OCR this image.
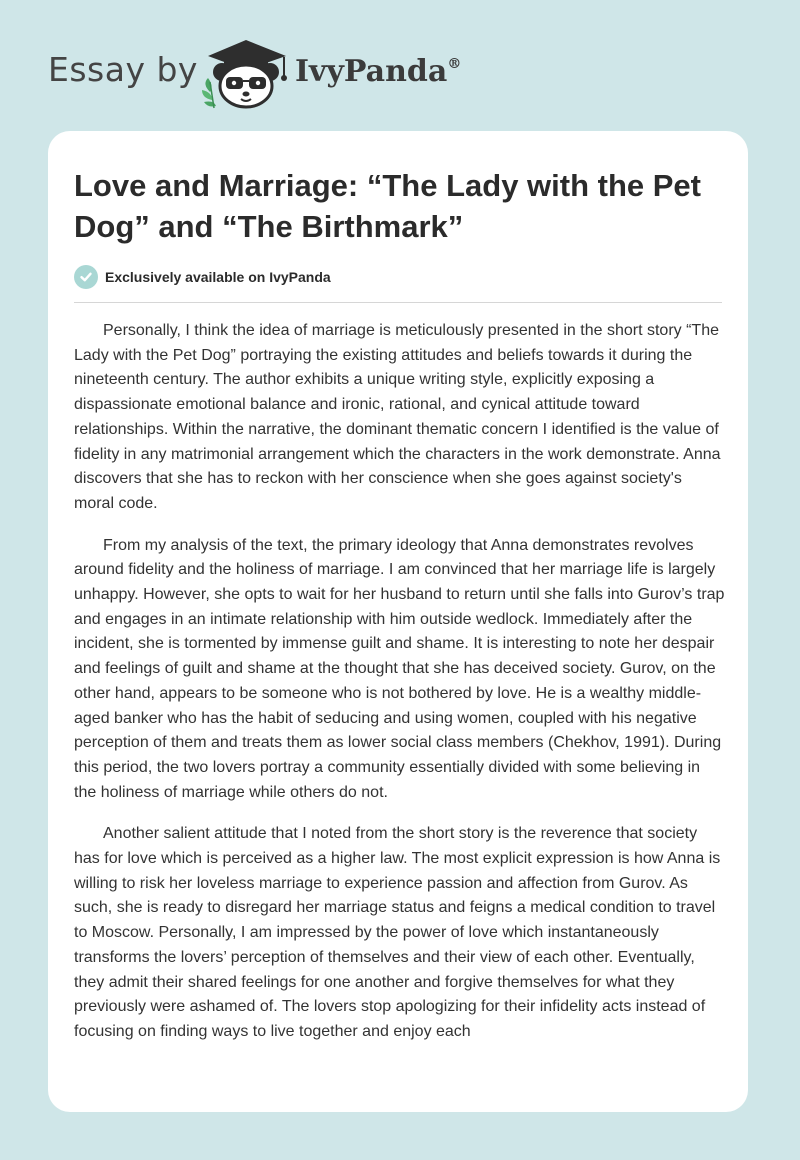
Essay by	IvyPanda®
Love and Marriage: “The Lady with the Pet Dog” and “The Birthmark”
Exclusively available on IvyPanda

Personally, I think the idea of marriage is meticulously presented in the short story “The Lady with the Pet Dog” portraying the existing attitudes and beliefs towards it during the nineteenth century. The author exhibits a unique writing style, explicitly exposing a dispassionate emotional balance and ironic, rational, and cynical attitude toward relationships. Within the narrative, the dominant thematic concern I identified is the value of fidelity in any matrimonial arrangement which the characters in the work demonstrate. Anna discovers that she has to reckon with her conscience when she goes against society's moral code.

From my analysis of the text, the primary ideology that Anna demonstrates revolves around fidelity and the holiness of marriage. I am convinced that her marriage life is largely unhappy. However, she opts to wait for her husband to return until she falls into Gurov’s trap and engages in an intimate relationship with him outside wedlock. Immediately after the incident, she is tormented by immense guilt and shame. It is interesting to note her despair and feelings of guilt and shame at the thought that she has deceived society. Gurov, on the other hand, appears to be someone who is not bothered by love. He is a wealthy middle-aged banker who has the habit of seducing and using women, coupled with his negative perception of them and treats them as lower social class members (Chekhov, 1991). During this period, the two lovers portray a community essentially divided with some believing in the holiness of marriage while others do not.

Another salient attitude that I noted from the short story is the reverence that society has for love which is perceived as a higher law. The most explicit expression is how Anna is willing to risk her loveless marriage to experience passion and affection from Gurov. As such, she is ready to disregard her marriage status and feigns a medical condition to travel to Moscow. Personally, I am impressed by the power of love which instantaneously transforms the lovers’ perception of themselves and their view of each other. Eventually, they admit their shared feelings for one another and forgive themselves for what they previously were ashamed of. The lovers stop apologizing for their infidelity acts instead of focusing on finding ways to live together and enjoy each
